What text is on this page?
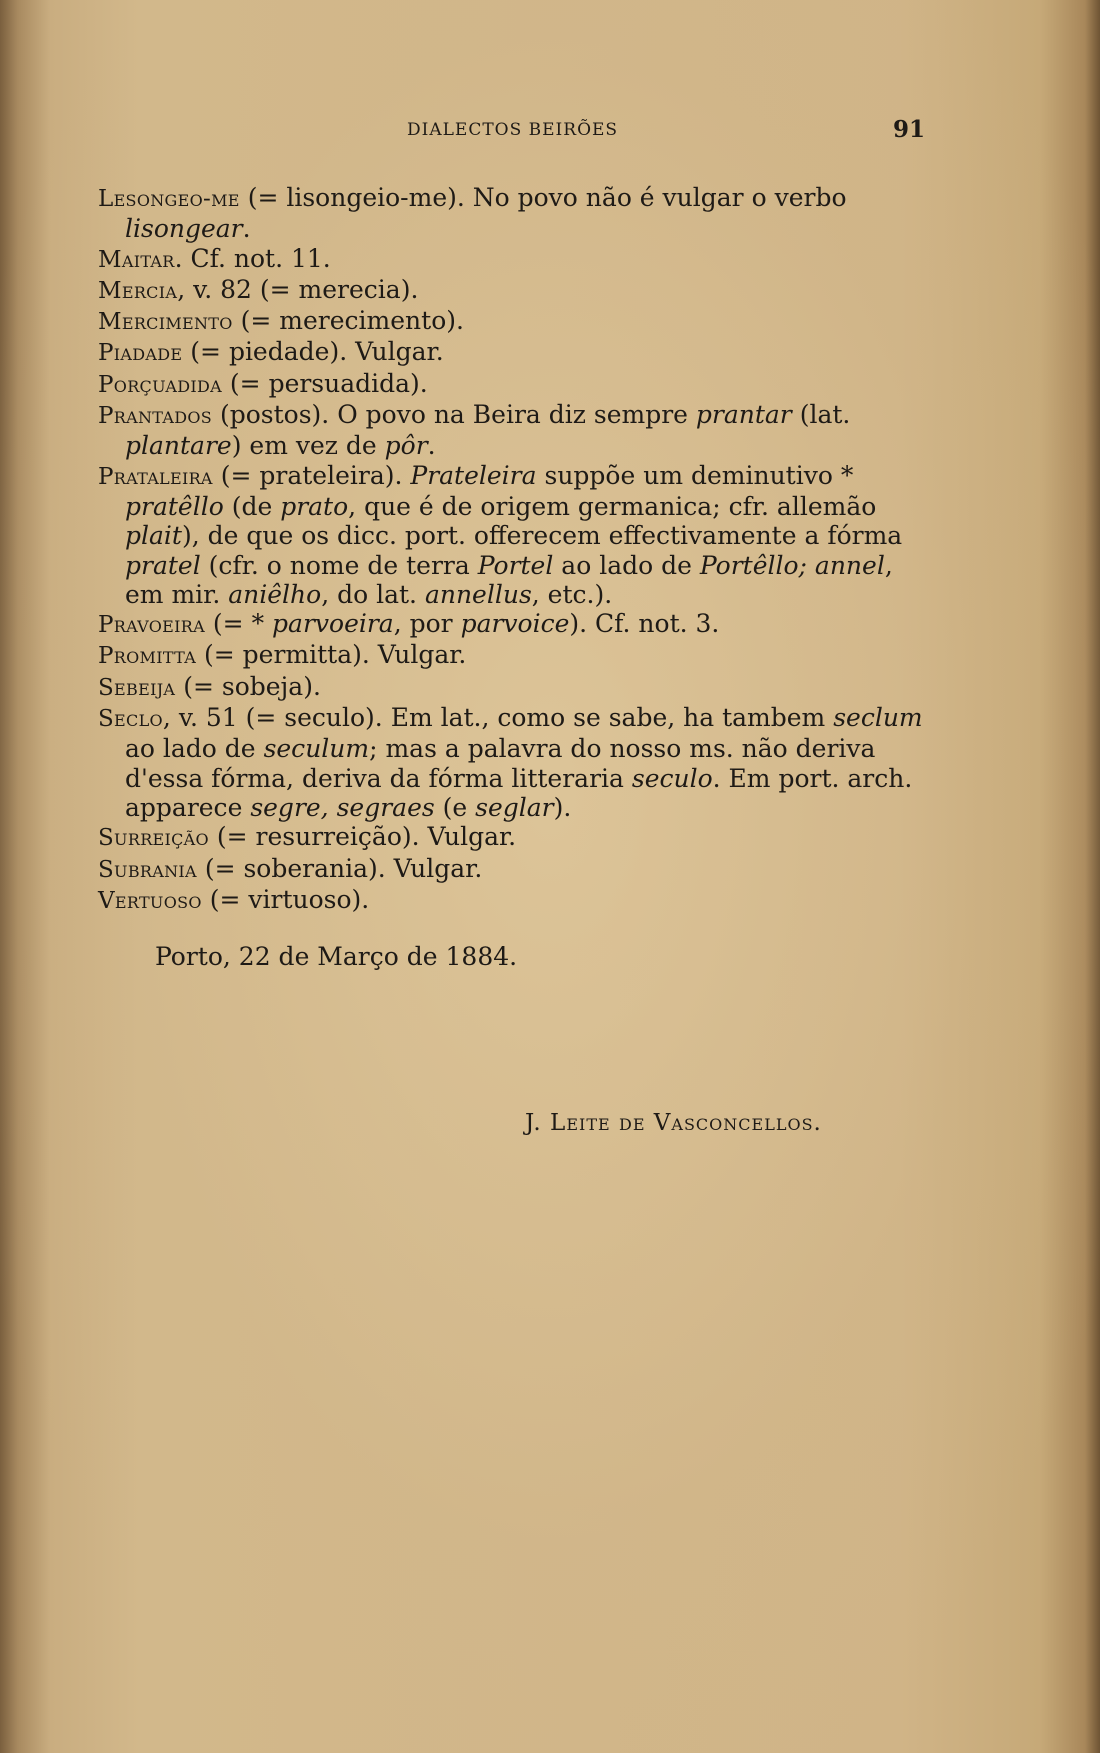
DIALECTOS BEIRÕES	91
Lesongeo-me (= lisongeio-me). No povo não é vulgar o verbo lisongear.
Maitar. Cf. not. 11.
Mercia, v. 82 (= merecia).
Mercimento (= merecimento).
Piadade (= piedade). Vulgar.
Porçuadida (= persuadida).
Prantados (postos). O povo na Beira diz sempre prantar (lat. plantare) em vez de pôr.
Prataleira (= prateleira). Prateleira suppõe um deminutivo * pratêllo (de prato, que é de origem germanica; cfr. allemão plait), de que os dicc. port. offerecem effectivamente a fórma pratel (cfr. o nome de terra Portel ao lado de Portêllo; annel, em mir. aniêlho, do lat. annellus, etc.).
Pravoeira (= * parvoeira, por parvoice). Cf. not. 3.
Promitta (= permitta). Vulgar.
Sebeija (= sobeja).
Seclo, v. 51 (= seculo). Em lat., como se sabe, ha tambem seclum ao lado de seculum; mas a palavra do nosso ms. não deriva d'essa fórma, deriva da fórma litteraria seculo. Em port. arch. apparece segre, segraes (e seglar).
Surreição (= resurreição). Vulgar.
Subrania (= soberania). Vulgar.
Vertuoso (= virtuoso).
Porto, 22 de Março de 1884.
J. Leite de Vasconcellos.
